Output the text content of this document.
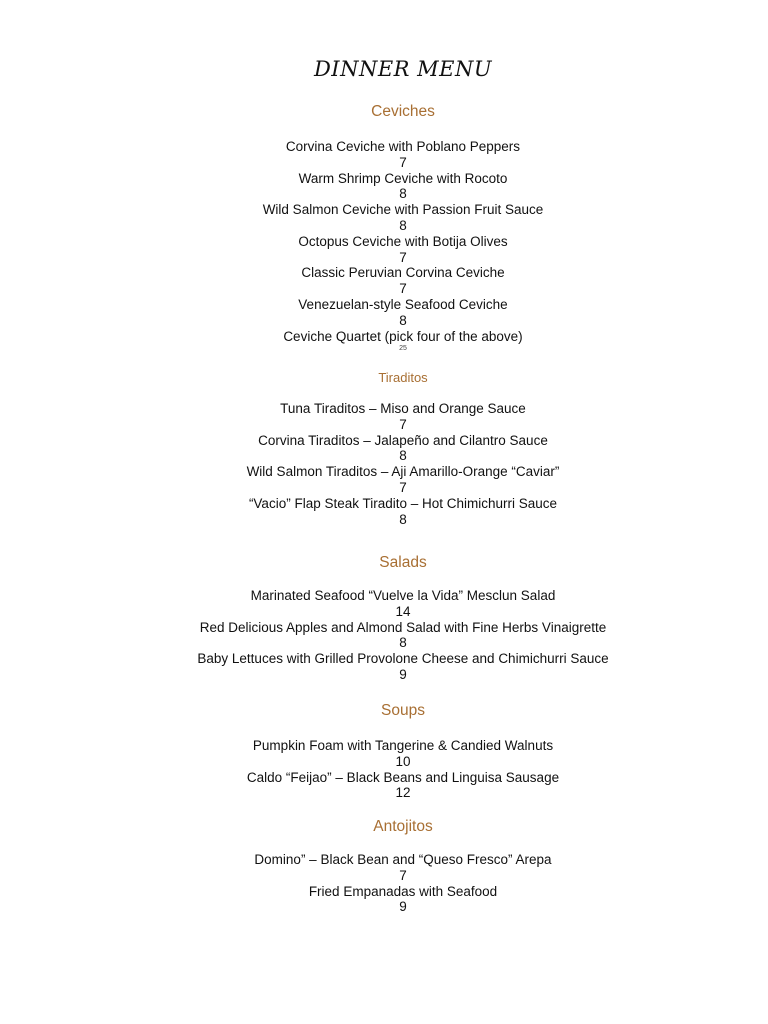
DINNER MENU
Ceviches
Corvina Ceviche with Poblano Peppers
7
Warm Shrimp Ceviche with Rocoto
8
Wild Salmon Ceviche with Passion Fruit Sauce
8
Octopus Ceviche with Botija Olives
7
Classic Peruvian Corvina Ceviche
7
Venezuelan-style Seafood Ceviche
8
Ceviche Quartet (pick four of the above)
25
Tiraditos
Tuna Tiraditos – Miso and Orange Sauce
7
Corvina Tiraditos – Jalapeño and Cilantro Sauce
8
Wild Salmon Tiraditos – Aji Amarillo-Orange “Caviar”
7
“Vacio” Flap Steak Tiradito – Hot Chimichurri Sauce
8
Salads
Marinated Seafood “Vuelve la Vida” Mesclun Salad
14
Red Delicious Apples and Almond Salad with Fine Herbs Vinaigrette
8
Baby Lettuces with Grilled Provolone Cheese and Chimichurri Sauce
9
Soups
Pumpkin Foam with Tangerine & Candied Walnuts
10
Caldo “Feijao” – Black Beans and Linguisa Sausage
12
Antojitos
Domino” – Black Bean and “Queso Fresco” Arepa
7
Fried Empanadas with Seafood
9
